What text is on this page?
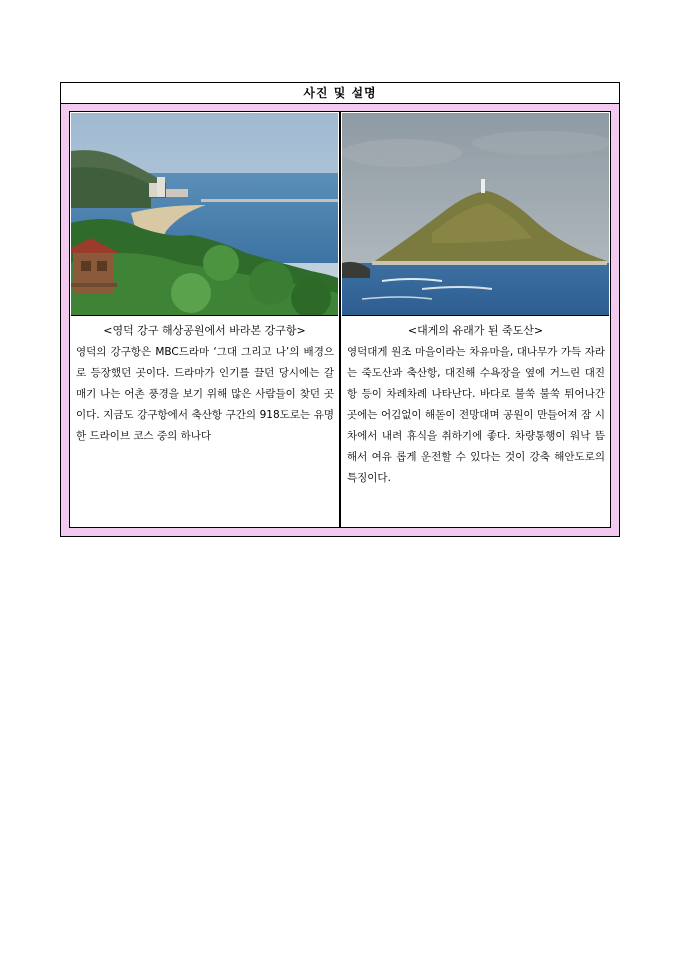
사진 및 설명
<영덕 강구 해상공원에서 바라본 강구항>
영덕의 강구항은 MBC드라마 ‘그대 그리고 나’의 배경으로 등장했던 곳이다. 드라마가 인기를 끌던 당시에는 갈매기 나는 어촌 풍경을 보기 위해 많은 사람들이 찾던 곳이다. 지금도 강구항에서 축산항 구간의 918도로는 유명한 드라이브 코스 중의 하나다
<대게의 유래가 된 죽도산>
영덕대게 원조 마을이라는 차유마을, 대나무가 가득 자라는 죽도산과 축산항, 대진해 수욕장을 옆에 거느린 대진항 등이 차례차례 나타난다. 바다로 불쑥 불쑥 튀어나간 곳에는 어김없이 해돋이 전망대며 공원이 만들어져 잠 시 차에서 내려 휴식을 취하기에 좋다. 차량통행이 워낙 뜸해서 여유 롭게 운전할 수 있다는 것이 강축 해안도로의 특징이다.
